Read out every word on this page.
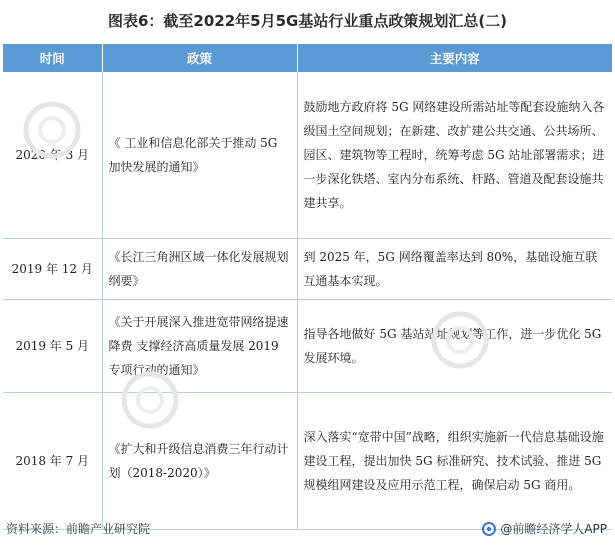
图表6：截至2022年5月5G基站行业重点政策规划汇总(二)
时间	政策	主要内容
2020 年 3 月	《 工业和信息化部关于推动 5G 加快发展的通知》	鼓励地方政府将 5G 网络建设所需站址等配套设施纳入各级国土空间规划；在新建、改扩建公共交通、公共场所、园区、建筑物等工程时，统筹考虑 5G 站址部署需求；进一步深化铁塔、室内分布系统、杆路、管道及配套设施共建共享。
2019 年 12 月	《长江三角洲区域一体化发展规划纲要》	到 2025 年，5G 网络覆盖率达到 80%，基础设施互联互通基本实现。
2019 年 5 月	《关于开展深入推进宽带网络提速降费 支撑经济高质量发展 2019 专项行动的通知》	指导各地做好 5G 基站站址规划等工作，进一步优化 5G 发展环境。
2018 年 7 月	《扩大和升级信息消费三年行动计划（2018-2020）》	深入落实“宽带中国”战略，组织实施新一代信息基础设施建设工程，提出加快 5G 标准研究、技术试验、推进 5G 规模组网建设及应用示范工程，确保启动 5G 商用。
资料来源：前瞻产业研究院	@前瞻经济学人APP
